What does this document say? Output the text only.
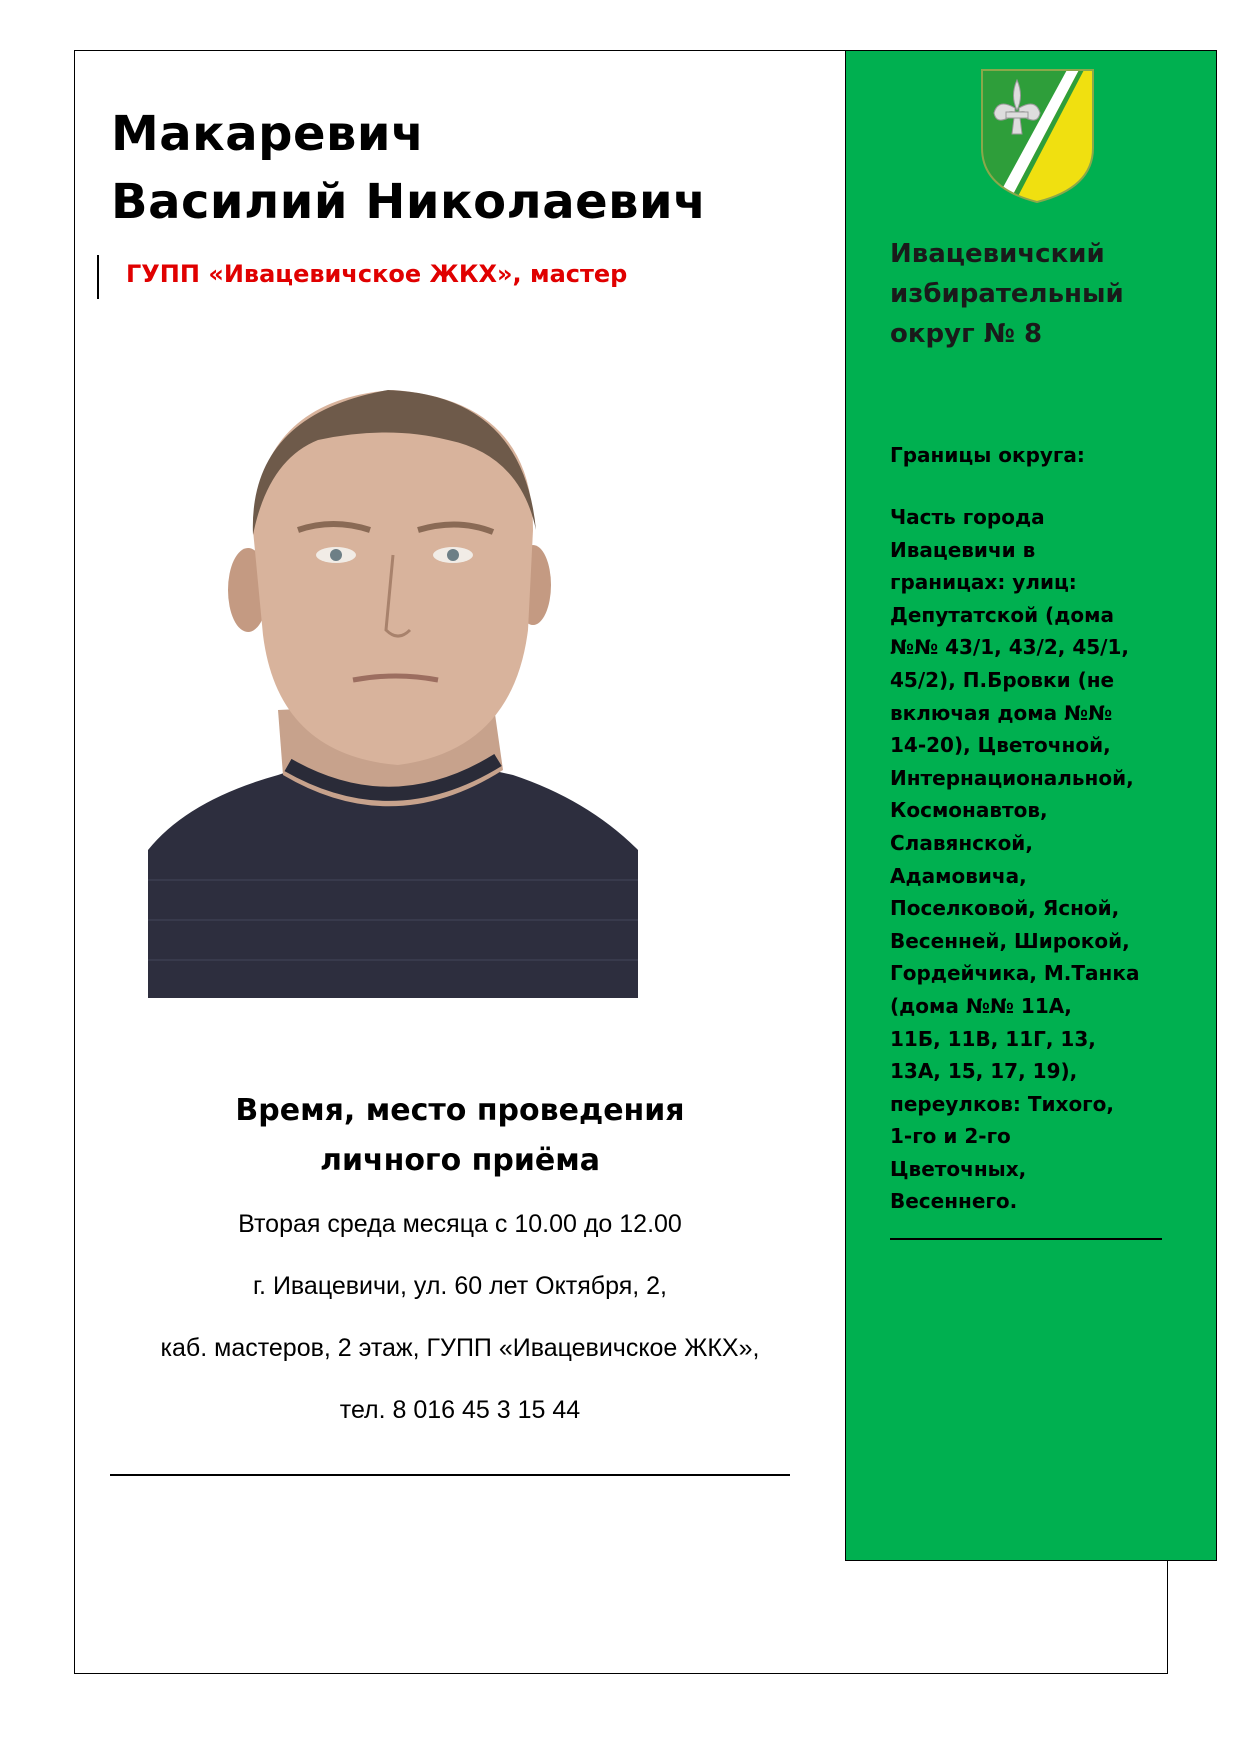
Макаревич
Василий Николаевич
ГУПП «Ивацевичское ЖКХ», мастер
Время, место проведения
личного приёма
Вторая среда месяца с 10.00 до 12.00
г. Ивацевичи, ул. 60 лет Октября, 2,
каб. мастеров, 2 этаж, ГУПП «Ивацевичское ЖКХ»,
тел. 8 016 45 3 15 44
Ивацевичский
избирательный
округ № 8
Границы округа:
Часть города
Ивацевичи в
границах: улиц:
Депутатской (дома
№№ 43/1, 43/2, 45/1,
45/2), П.Бровки (не
включая дома №№
14-20), Цветочной,
Интернациональной,
Космонавтов,
Славянской,
Адамовича,
Поселковой, Ясной,
Весенней, Широкой,
Гордейчика, М.Танка
(дома №№ 11А,
11Б, 11В, 11Г, 13,
13А, 15, 17, 19),
переулков: Тихого,
1-го и 2-го
Цветочных,
Весеннего.
